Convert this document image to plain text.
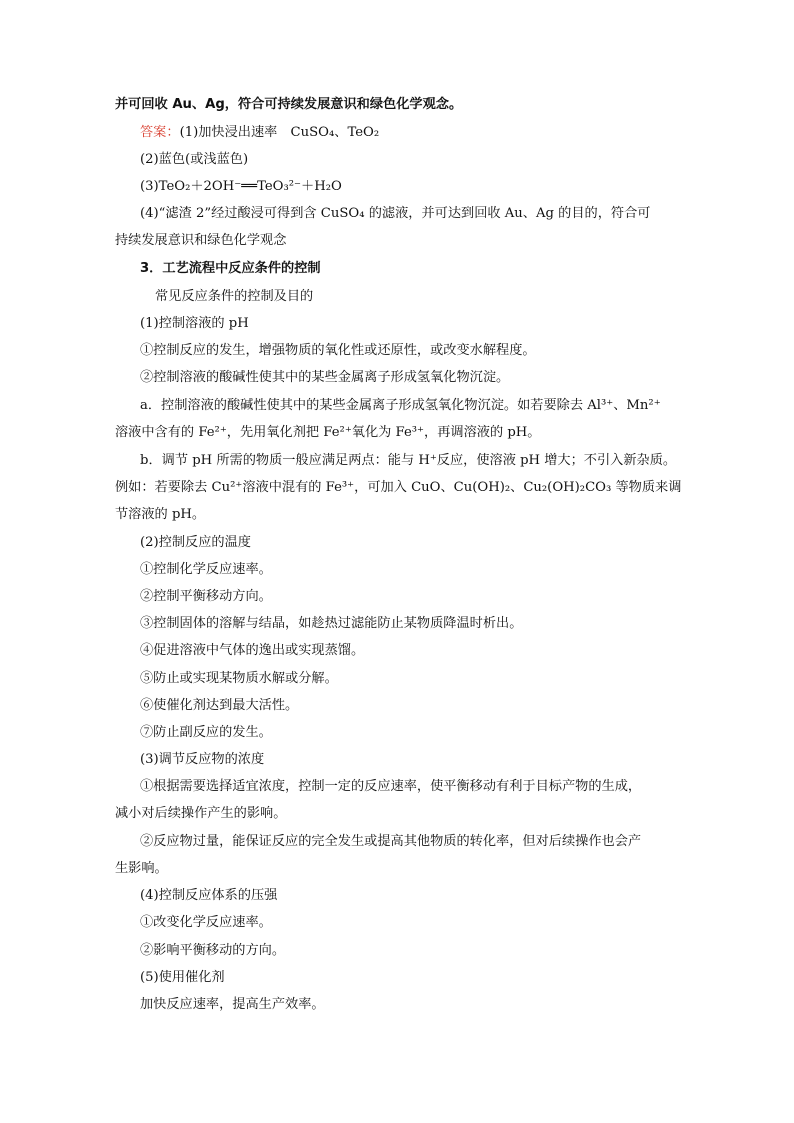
并可回收 Au、Ag，符合可持续发展意识和绿色化学观念。
答案：(1)加快浸出速率　CuSO₄、TeO₂
(2)蓝色(或浅蓝色)
(3)TeO₂＋2OH⁻══TeO₃²⁻＋H₂O
(4)“滤渣 2”经过酸浸可得到含 CuSO₄ 的滤液，并可达到回收 Au、Ag 的目的，符合可
持续发展意识和绿色化学观念
3．工艺流程中反应条件的控制
常见反应条件的控制及目的
(1)控制溶液的 pH
①控制反应的发生，增强物质的氧化性或还原性，或改变水解程度。
②控制溶液的酸碱性使其中的某些金属离子形成氢氧化物沉淀。
a．控制溶液的酸碱性使其中的某些金属离子形成氢氧化物沉淀。如若要除去 Al³⁺、Mn²⁺
溶液中含有的 Fe²⁺，先用氧化剂把 Fe²⁺氧化为 Fe³⁺，再调溶液的 pH。
b．调节 pH 所需的物质一般应满足两点：能与 H⁺反应，使溶液 pH 增大；不引入新杂质。
例如：若要除去 Cu²⁺溶液中混有的 Fe³⁺，可加入 CuO、Cu(OH)₂、Cu₂(OH)₂CO₃ 等物质来调
节溶液的 pH。
(2)控制反应的温度
①控制化学反应速率。
②控制平衡移动方向。
③控制固体的溶解与结晶，如趁热过滤能防止某物质降温时析出。
④促进溶液中气体的逸出或实现蒸馏。
⑤防止或实现某物质水解或分解。
⑥使催化剂达到最大活性。
⑦防止副反应的发生。
(3)调节反应物的浓度
①根据需要选择适宜浓度，控制一定的反应速率，使平衡移动有利于目标产物的生成，
减小对后续操作产生的影响。
②反应物过量，能保证反应的完全发生或提高其他物质的转化率，但对后续操作也会产
生影响。
(4)控制反应体系的压强
①改变化学反应速率。
②影响平衡移动的方向。
(5)使用催化剂
加快反应速率，提高生产效率。
